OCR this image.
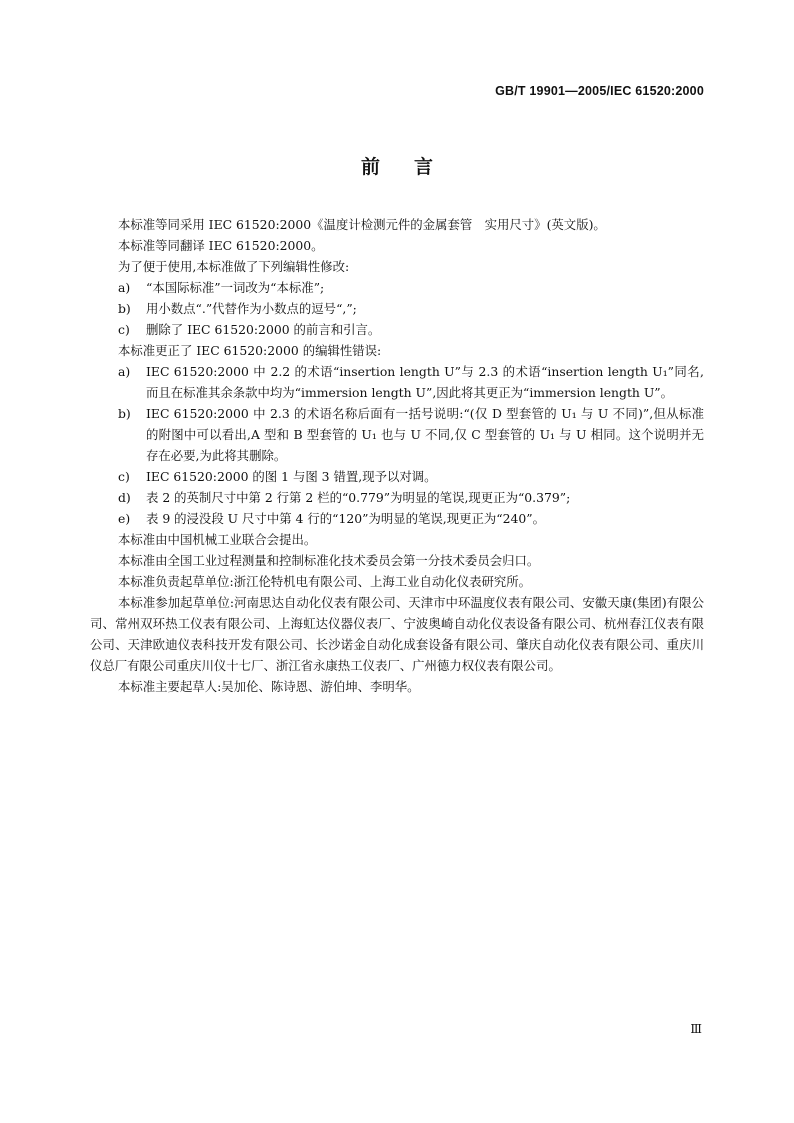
GB/T 19901—2005/IEC 61520:2000
前言

本标准等同采用 IEC 61520:2000《温度计检测元件的金属套管　实用尺寸》(英文版)。

本标准等同翻译 IEC 61520:2000。

为了便于使用,本标准做了下列编辑性修改:

a) “本国际标准”一词改为“本标准”;
b) 用小数点“.”代替作为小数点的逗号“,”;
c) 删除了 IEC 61520:2000 的前言和引言。

本标准更正了 IEC 61520:2000 的编辑性错误:

a) IEC 61520:2000 中 2.2 的术语“insertion length U”与 2.3 的术语“insertion length U₁”同名,而且在标准其余条款中均为“immersion length U”,因此将其更正为“immersion length U”。
b) IEC 61520:2000 中 2.3 的术语名称后面有一括号说明:“(仅 D 型套管的 U₁ 与 U 不同)”,但从标准的附图中可以看出,A 型和 B 型套管的 U₁ 也与 U 不同,仅 C 型套管的 U₁ 与 U 相同。这个说明并无存在必要,为此将其删除。
c) IEC 61520:2000 的图 1 与图 3 错置,现予以对调。
d) 表 2 的英制尺寸中第 2 行第 2 栏的“0.779”为明显的笔误,现更正为“0.379”;
e) 表 9 的浸没段 U 尺寸中第 4 行的“120”为明显的笔误,现更正为“240”。

本标准由中国机械工业联合会提出。

本标准由全国工业过程测量和控制标准化技术委员会第一分技术委员会归口。

本标准负责起草单位:浙江伦特机电有限公司、上海工业自动化仪表研究所。

本标准参加起草单位:河南思达自动化仪表有限公司、天津市中环温度仪表有限公司、安徽天康(集团)有限公司、常州双环热工仪表有限公司、上海虹达仪器仪表厂、宁波奥崎自动化仪表设备有限公司、杭州春江仪表有限公司、天津欧迪仪表科技开发有限公司、长沙诺金自动化成套设备有限公司、肇庆自动化仪表有限公司、重庆川仪总厂有限公司重庆川仪十七厂、浙江省永康热工仪表厂、广州德力权仪表有限公司。

本标准主要起草人:吴加伦、陈诗恩、游伯坤、李明华。

Ⅲ
